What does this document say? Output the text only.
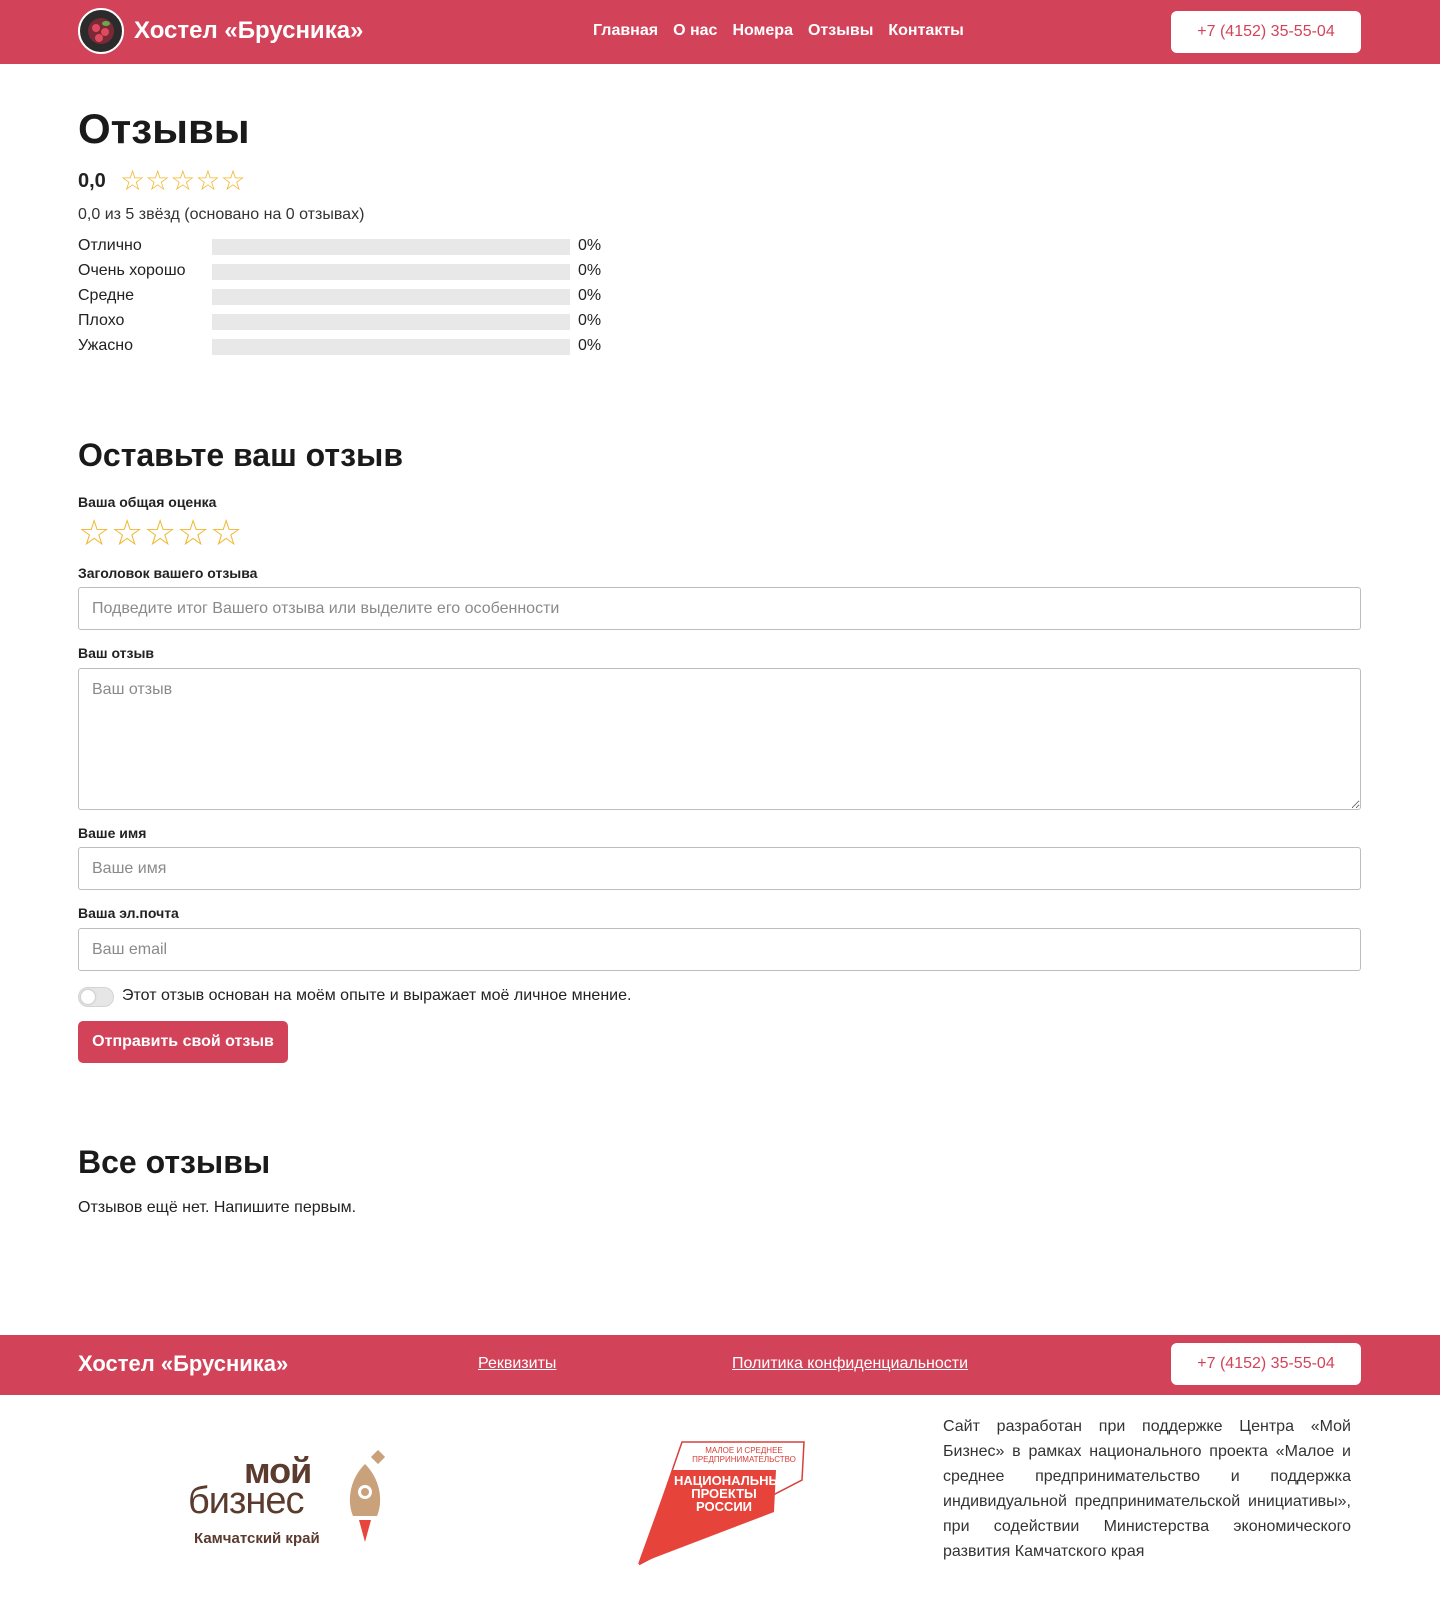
Хостел «Брусника»	Главная О нас Номера Отзывы Контакты	+7 (4152) 35-55-04
Отзывы
0,0 ☆ ☆ ☆ ☆ ☆
0,0 из 5 звёзд (основано на 0 отзывах)
Отлично	0%
Очень хорошо	0%
Средне	0%
Плохо	0%
Ужасно	0%
Оставьте ваш отзыв
Ваша общая оценка
☆ ☆ ☆ ☆ ☆
Заголовок вашего отзыва
Подведите итог Вашего отзыва или выделите его особенности
Ваш отзыв
Ваш отзыв
Ваше имя
Ваше имя
Ваша эл.почта
Ваш email
Этот отзыв основан на моём опыте и выражает моё личное мнение.
Отправить свой отзыв
Все отзывы
Отзывов ещё нет. Напишите первым.
Хостел «Брусника»	Реквизиты	Политика конфиденциальности	+7 (4152) 35-55-04
мой
бизнес
Камчатский край
МАЛОЕ И СРЕДНЕЕ ПРЕДПРИНИМАТЕЛЬСТВО
НАЦИОНАЛЬНЫЕ ПРОЕКТЫ РОССИИ
Сайт разработан при поддержке Центра «Мой Бизнес» в рамках национального проекта «Малое и среднее предпринимательство и поддержка индивидуальной предпринимательской инициативы», при содействии Министерства экономического развития Камчатского края
